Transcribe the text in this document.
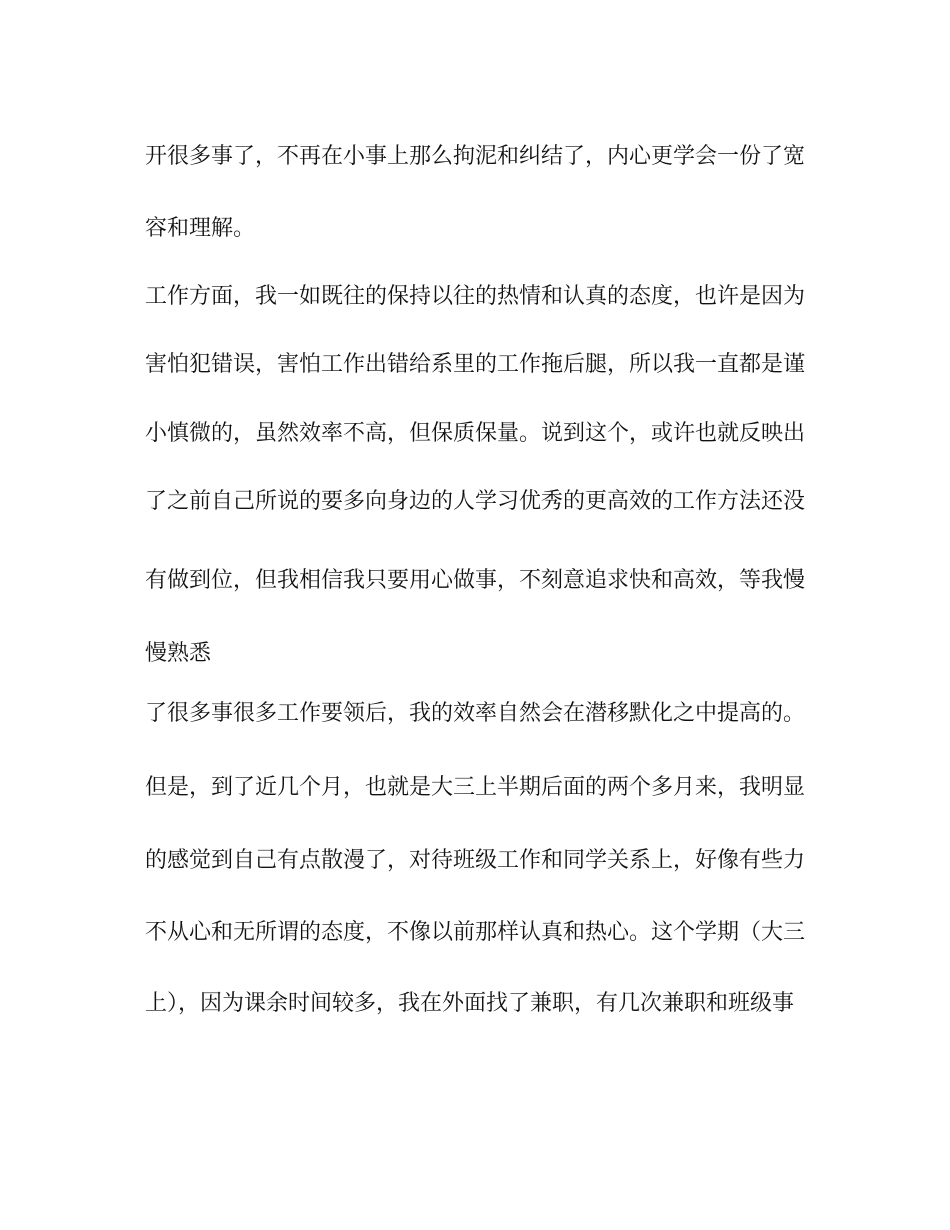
开很多事了，不再在小事上那么拘泥和纠结了，内心更学会一份了宽
容和理解。
工作方面，我一如既往的保持以往的热情和认真的态度，也许是因为
害怕犯错误，害怕工作出错给系里的工作拖后腿，所以我一直都是谨
小慎微的，虽然效率不高，但保质保量。说到这个，或许也就反映出
了之前自己所说的要多向身边的人学习优秀的更高效的工作方法还没
有做到位，但我相信我只要用心做事，不刻意追求快和高效，等我慢
慢熟悉
了很多事很多工作要领后，我的效率自然会在潜移默化之中提高的。
但是，到了近几个月，也就是大三上半期后面的两个多月来，我明显
的感觉到自己有点散漫了，对待班级工作和同学关系上，好像有些力
不从心和无所谓的态度，不像以前那样认真和热心。这个学期（大三
上），因为课余时间较多，我在外面找了兼职，有几次兼职和班级事
